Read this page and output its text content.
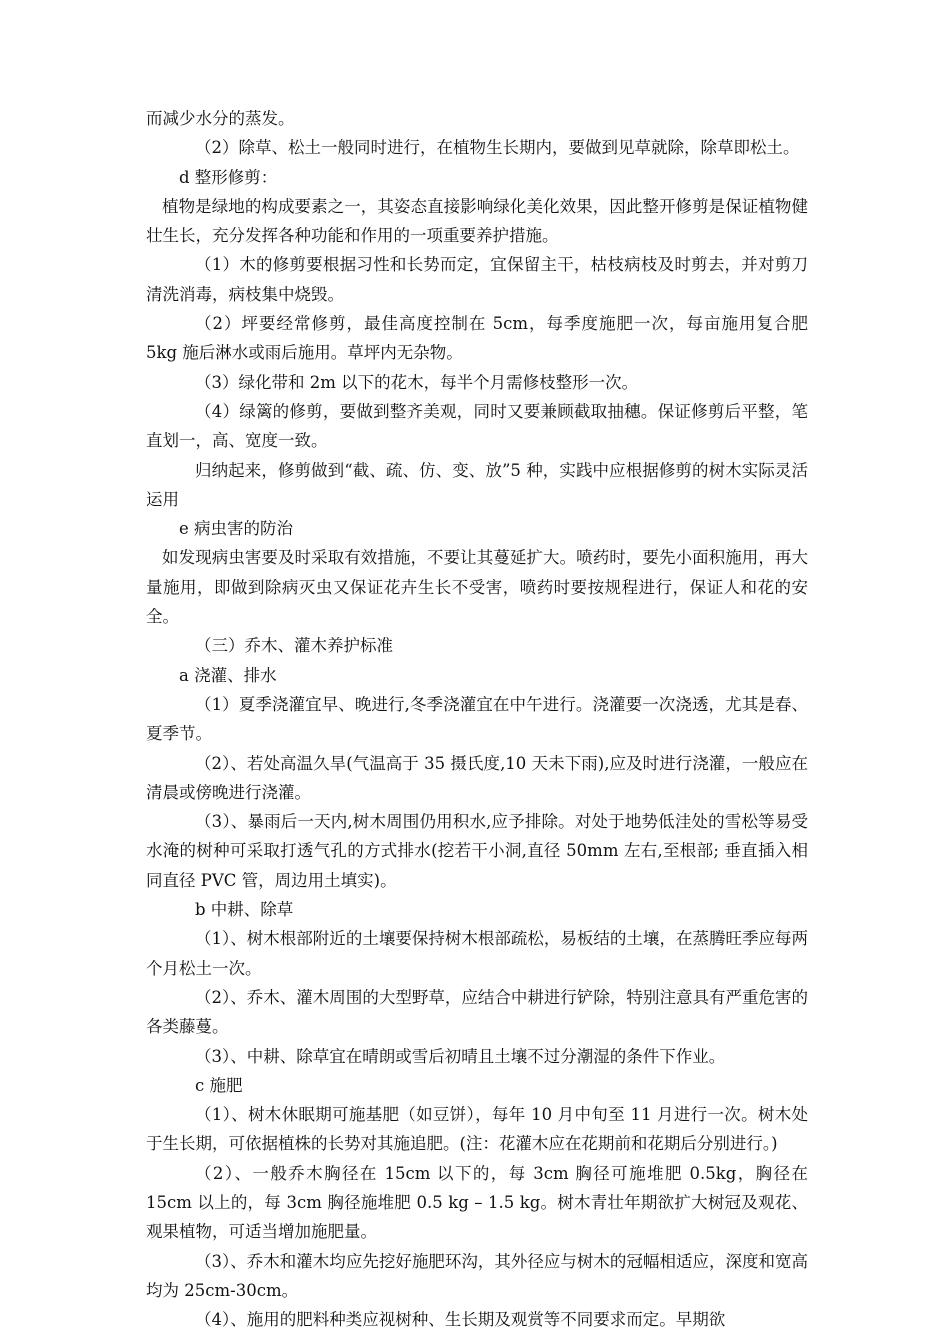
而减少水分的蒸发。

（2）除草、松土一般同时进行，在植物生长期内，要做到见草就除，除草即松土。

d 整形修剪：

植物是绿地的构成要素之一，其姿态直接影响绿化美化效果，因此整开修剪是保证植物健壮生长，充分发挥各种功能和作用的一项重要养护措施。

（1）木的修剪要根据习性和长势而定，宜保留主干，枯枝病枝及时剪去，并对剪刀清洗消毒，病枝集中烧毁。

（2）坪要经常修剪，最佳高度控制在 5cm，每季度施肥一次，每亩施用复合肥 5kg 施后淋水或雨后施用。草坪内无杂物。

（3）绿化带和 2m 以下的花木，每半个月需修枝整形一次。

（4）绿篱的修剪，要做到整齐美观，同时又要兼顾截取抽穗。保证修剪后平整，笔直划一，高、宽度一致。

归纳起来，修剪做到“截、疏、仿、变、放”5 种，实践中应根据修剪的树木实际灵活运用

e 病虫害的防治

如发现病虫害要及时采取有效措施，不要让其蔓延扩大。喷药时，要先小面积施用，再大量施用，即做到除病灭虫又保证花卉生长不受害，喷药时要按规程进行，保证人和花的安全。

（三）乔木、灌木养护标准

a 浇灌、排水

（1）夏季浇灌宜早、晚进行,冬季浇灌宜在中午进行。浇灌要一次浇透，尤其是春、夏季节。

（2）、若处高温久旱(气温高于 35 摄氏度,10 天未下雨),应及时进行浇灌，一般应在清晨或傍晚进行浇灌。

（3）、暴雨后一天内,树木周围仍用积水,应予排除。对处于地势低洼处的雪松等易受水淹的树种可采取打透气孔的方式排水(挖若干小洞,直径 50mm 左右,至根部; 垂直插入相同直径 PVC 管，周边用土填实)。

b 中耕、除草

（1）、树木根部附近的土壤要保持树木根部疏松，易板结的土壤，在蒸腾旺季应每两个月松土一次。

（2）、乔木、灌木周围的大型野草，应结合中耕进行铲除，特别注意具有严重危害的各类藤蔓。

（3）、中耕、除草宜在晴朗或雪后初晴且土壤不过分潮湿的条件下作业。

c 施肥

（1）、树木休眠期可施基肥（如豆饼），每年 10 月中旬至 11 月进行一次。树木处于生长期，可依据植株的长势对其施追肥。(注：花灌木应在花期前和花期后分别进行。)

（2）、一般乔木胸径在 15cm 以下的，每 3cm 胸径可施堆肥 0.5kg，胸径在 15cm 以上的，每 3cm 胸径施堆肥 0.5 kg – 1.5 kg。树木青壮年期欲扩大树冠及观花、观果植物，可适当增加施肥量。

（3）、乔木和灌木均应先挖好施肥环沟，其外径应与树木的冠幅相适应，深度和宽高均为 25cm-30cm。

（4）、施用的肥料种类应视树种、生长期及观赏等不同要求而定。早期欲
